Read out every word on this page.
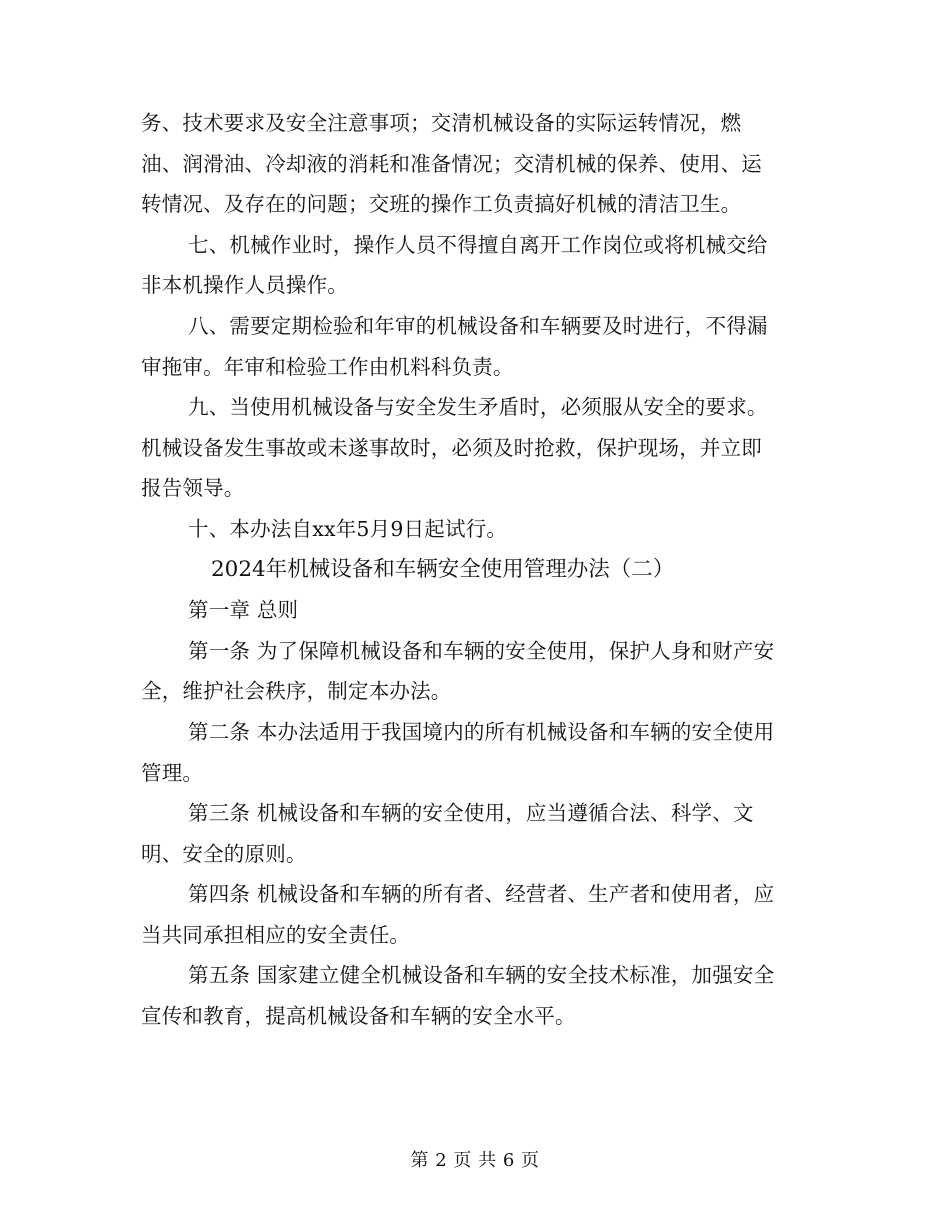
务、技术要求及安全注意事项；交清机械设备的实际运转情况，燃
油、润滑油、冷却液的消耗和准备情况；交清机械的保养、使用、运
转情况、及存在的问题；交班的操作工负责搞好机械的清洁卫生。
七、机械作业时，操作人员不得擅自离开工作岗位或将机械交给
非本机操作人员操作。
八、需要定期检验和年审的机械设备和车辆要及时进行，不得漏
审拖审。年审和检验工作由机料科负责。
九、当使用机械设备与安全发生矛盾时，必须服从安全的要求。
机械设备发生事故或未遂事故时，必须及时抢救，保护现场，并立即
报告领导。
十、本办法自xx年5月9日起试行。
2024年机械设备和车辆安全使用管理办法（二）
第一章 总则
第一条 为了保障机械设备和车辆的安全使用，保护人身和财产安
全，维护社会秩序，制定本办法。
第二条 本办法适用于我国境内的所有机械设备和车辆的安全使用
管理。
第三条 机械设备和车辆的安全使用，应当遵循合法、科学、文
明、安全的原则。
第四条 机械设备和车辆的所有者、经营者、生产者和使用者，应
当共同承担相应的安全责任。
第五条 国家建立健全机械设备和车辆的安全技术标准，加强安全
宣传和教育，提高机械设备和车辆的安全水平。
第 2 页 共 6 页
